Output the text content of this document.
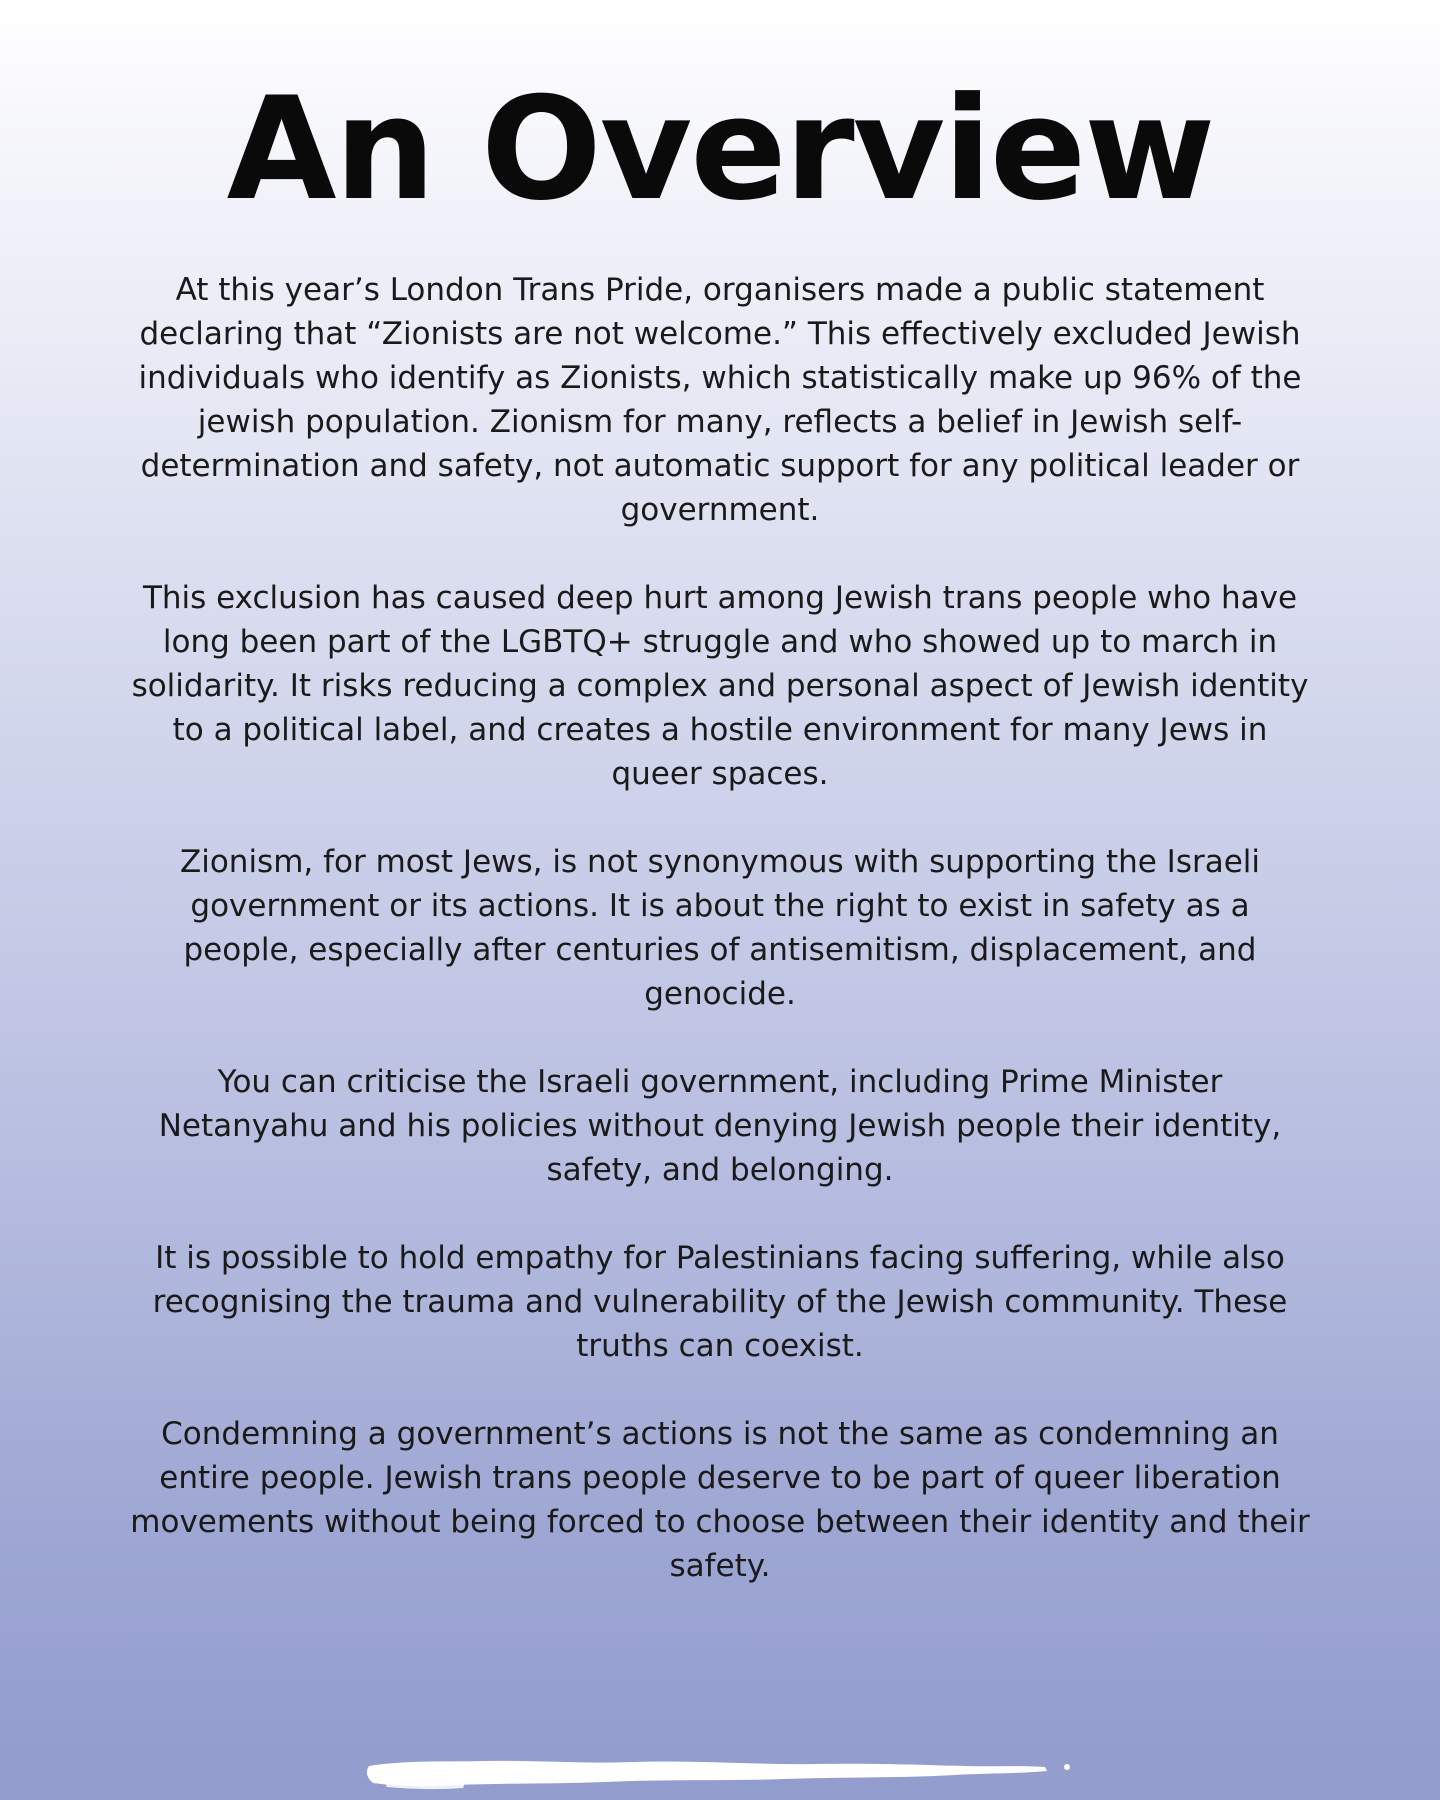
An Overview

At this year’s London Trans Pride, organisers made a public statement declaring that “Zionists are not welcome.” This effectively excluded Jewish individuals who identify as Zionists, which statistically make up 96% of the jewish population. Zionism for many, reflects a belief in Jewish self-determination and safety, not automatic support for any political leader or government.

This exclusion has caused deep hurt among Jewish trans people who have long been part of the LGBTQ+ struggle and who showed up to march in solidarity. It risks reducing a complex and personal aspect of Jewish identity to a political label, and creates a hostile environment for many Jews in queer spaces.

Zionism, for most Jews, is not synonymous with supporting the Israeli government or its actions. It is about the right to exist in safety as a people, especially after centuries of antisemitism, displacement, and genocide.

You can criticise the Israeli government, including Prime Minister Netanyahu and his policies without denying Jewish people their identity, safety, and belonging.

It is possible to hold empathy for Palestinians facing suffering, while also recognising the trauma and vulnerability of the Jewish community. These truths can coexist.

Condemning a government’s actions is not the same as condemning an entire people. Jewish trans people deserve to be part of queer liberation movements without being forced to choose between their identity and their safety.
